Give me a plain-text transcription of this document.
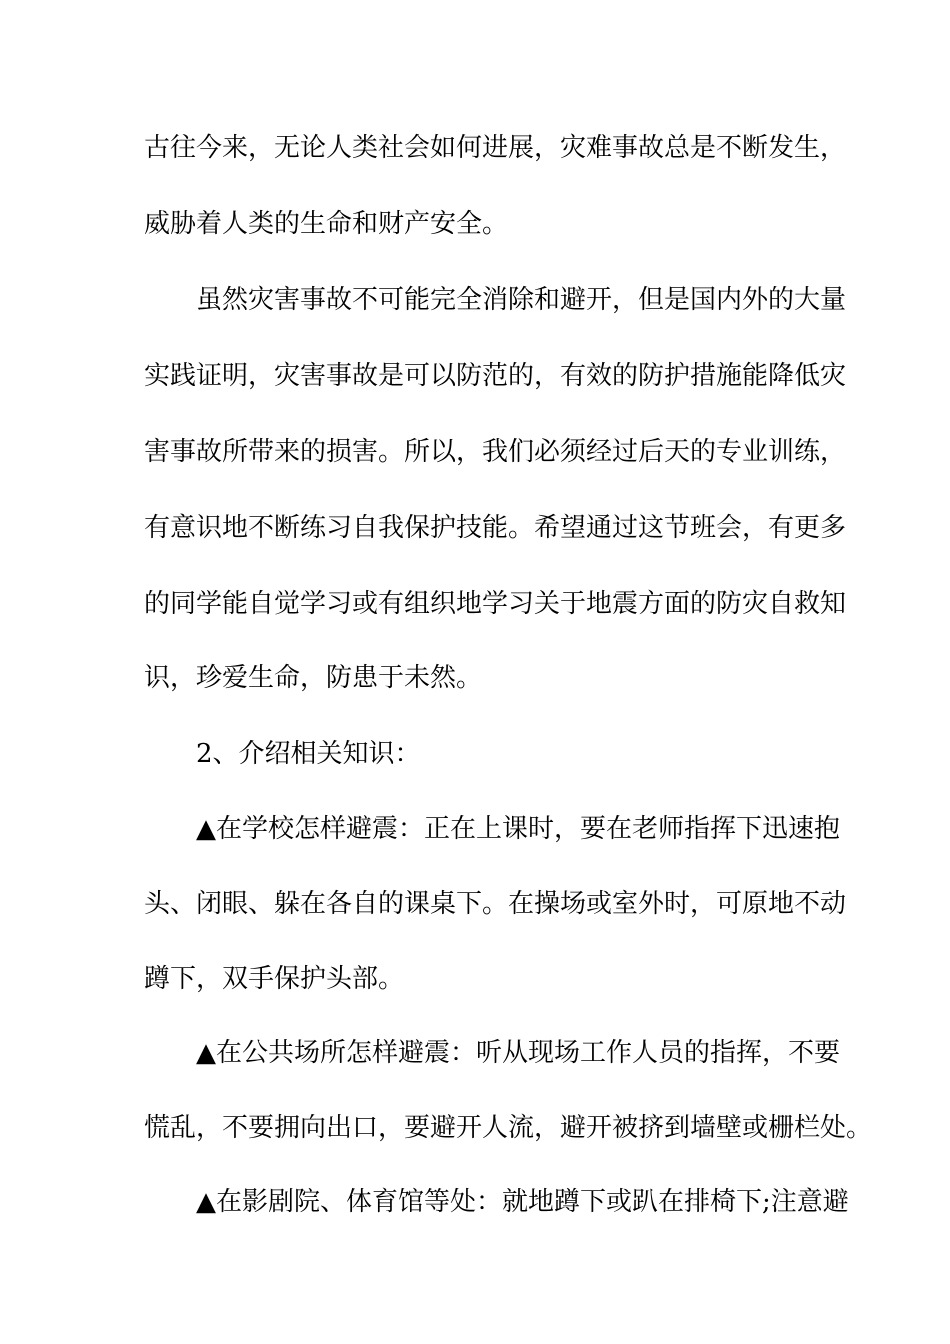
古往今来，无论人类社会如何进展，灾难事故总是不断发生，
威胁着人类的生命和财产安全。
虽然灾害事故不可能完全消除和避开，但是国内外的大量
实践证明，灾害事故是可以防范的，有效的防护措施能降低灾
害事故所带来的损害。所以，我们必须经过后天的专业训练，
有意识地不断练习自我保护技能。希望通过这节班会，有更多
的同学能自觉学习或有组织地学习关于地震方面的防灾自救知
识，珍爱生命，防患于未然。
2、介绍相关知识：
▲在学校怎样避震：正在上课时，要在老师指挥下迅速抱
头、闭眼、躲在各自的课桌下。在操场或室外时，可原地不动
蹲下，双手保护头部。
▲在公共场所怎样避震：听从现场工作人员的指挥，不要
慌乱，不要拥向出口，要避开人流，避开被挤到墙壁或栅栏处。
▲在影剧院、体育馆等处：就地蹲下或趴在排椅下;注意避
